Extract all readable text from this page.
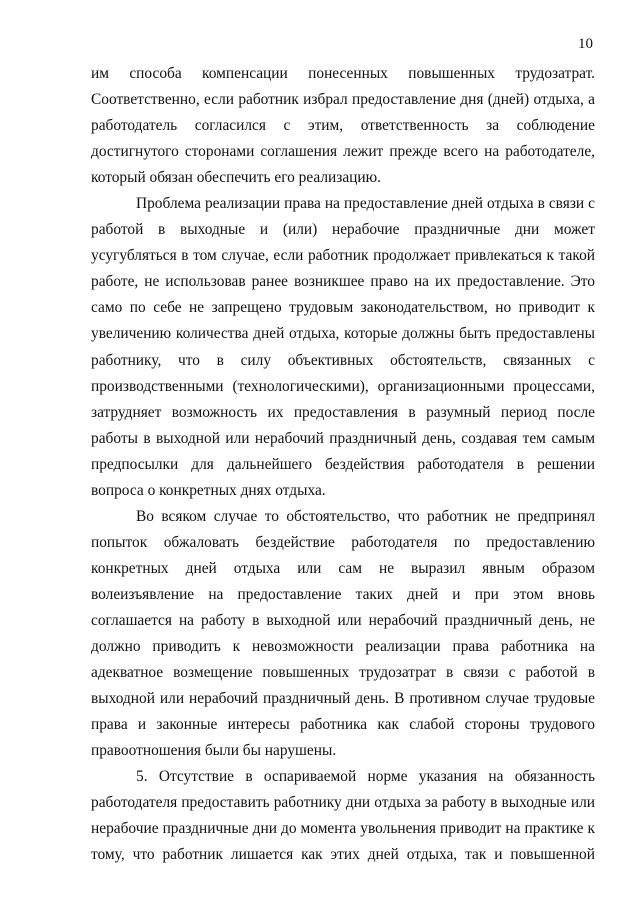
10

им способа компенсации понесенных повышенных трудозатрат. Соответственно, если работник избрал предоставление дня (дней) отдыха, а работодатель согласился с этим, ответственность за соблюдение достигнутого сторонами соглашения лежит прежде всего на работодателе, который обязан обеспечить его реализацию.

Проблема реализации права на предоставление дней отдыха в связи с работой в выходные и (или) нерабочие праздничные дни может усугубляться в том случае, если работник продолжает привлекаться к такой работе, не использовав ранее возникшее право на их предоставление. Это само по себе не запрещено трудовым законодательством, но приводит к увеличению количества дней отдыха, которые должны быть предоставлены работнику, что в силу объективных обстоятельств, связанных с производственными (технологическими), организационными процессами, затрудняет возможность их предоставления в разумный период после работы в выходной или нерабочий праздничный день, создавая тем самым предпосылки для дальнейшего бездействия работодателя в решении вопроса о конкретных днях отдыха.

Во всяком случае то обстоятельство, что работник не предпринял попыток обжаловать бездействие работодателя по предоставлению конкретных дней отдыха или сам не выразил явным образом волеизъявление на предоставление таких дней и при этом вновь соглашается на работу в выходной или нерабочий праздничный день, не должно приводить к невозможности реализации права работника на адекватное возмещение повышенных трудозатрат в связи с работой в выходной или нерабочий праздничный день. В противном случае трудовые права и законные интересы работника как слабой стороны трудового правоотношения были бы нарушены.

5. Отсутствие в оспариваемой норме указания на обязанность работодателя предоставить работнику дни отдыха за работу в выходные или нерабочие праздничные дни до момента увольнения приводит на практике к тому, что работник лишается как этих дней отдыха, так и повышенной
